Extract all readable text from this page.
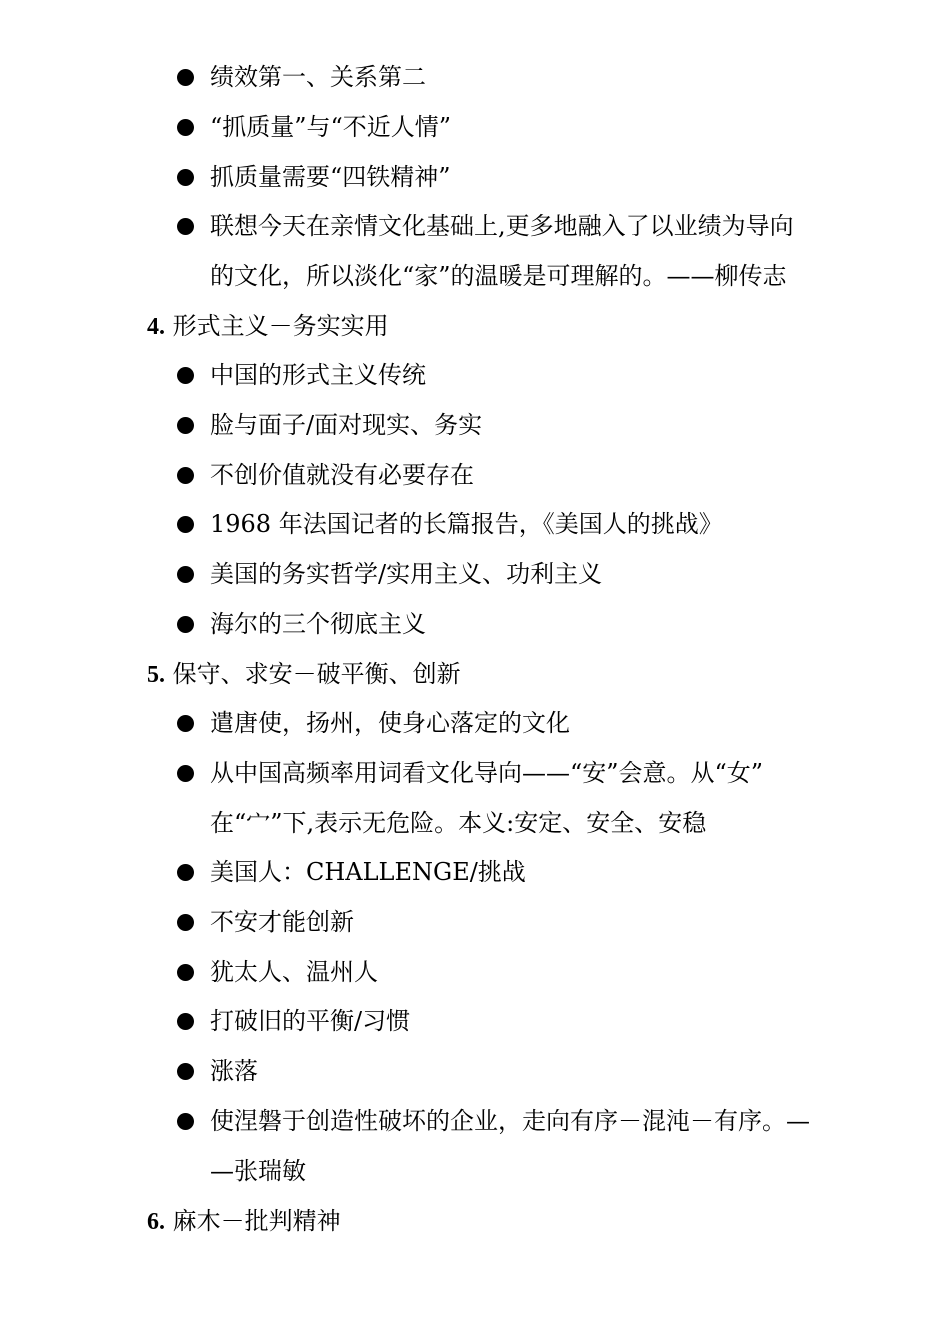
绩效第一、关系第二
“抓质量”与“不近人情”
抓质量需要“四铁精神”
联想今天在亲情文化基础上,更多地融入了以业绩为导向
的文化，所以淡化“家”的温暖是可理解的。——柳传志
4. 形式主义－务实实用
中国的形式主义传统
脸与面子/面对现实、务实
不创价值就没有必要存在
1968 年法国记者的长篇报告，《美国人的挑战》
美国的务实哲学/实用主义、功利主义
海尔的三个彻底主义
5. 保守、求安－破平衡、创新
遣唐使，扬州，使身心落定的文化
从中国高频率用词看文化导向——“安”会意。从“女”
在“宀”下,表示无危险。本义:安定、安全、安稳
美国人：CHALLENGE/挑战
不安才能创新
犹太人、温州人
打破旧的平衡/习惯
涨落
使涅磐于创造性破坏的企业，走向有序－混沌－有序。—
—张瑞敏
6. 麻木－批判精神
